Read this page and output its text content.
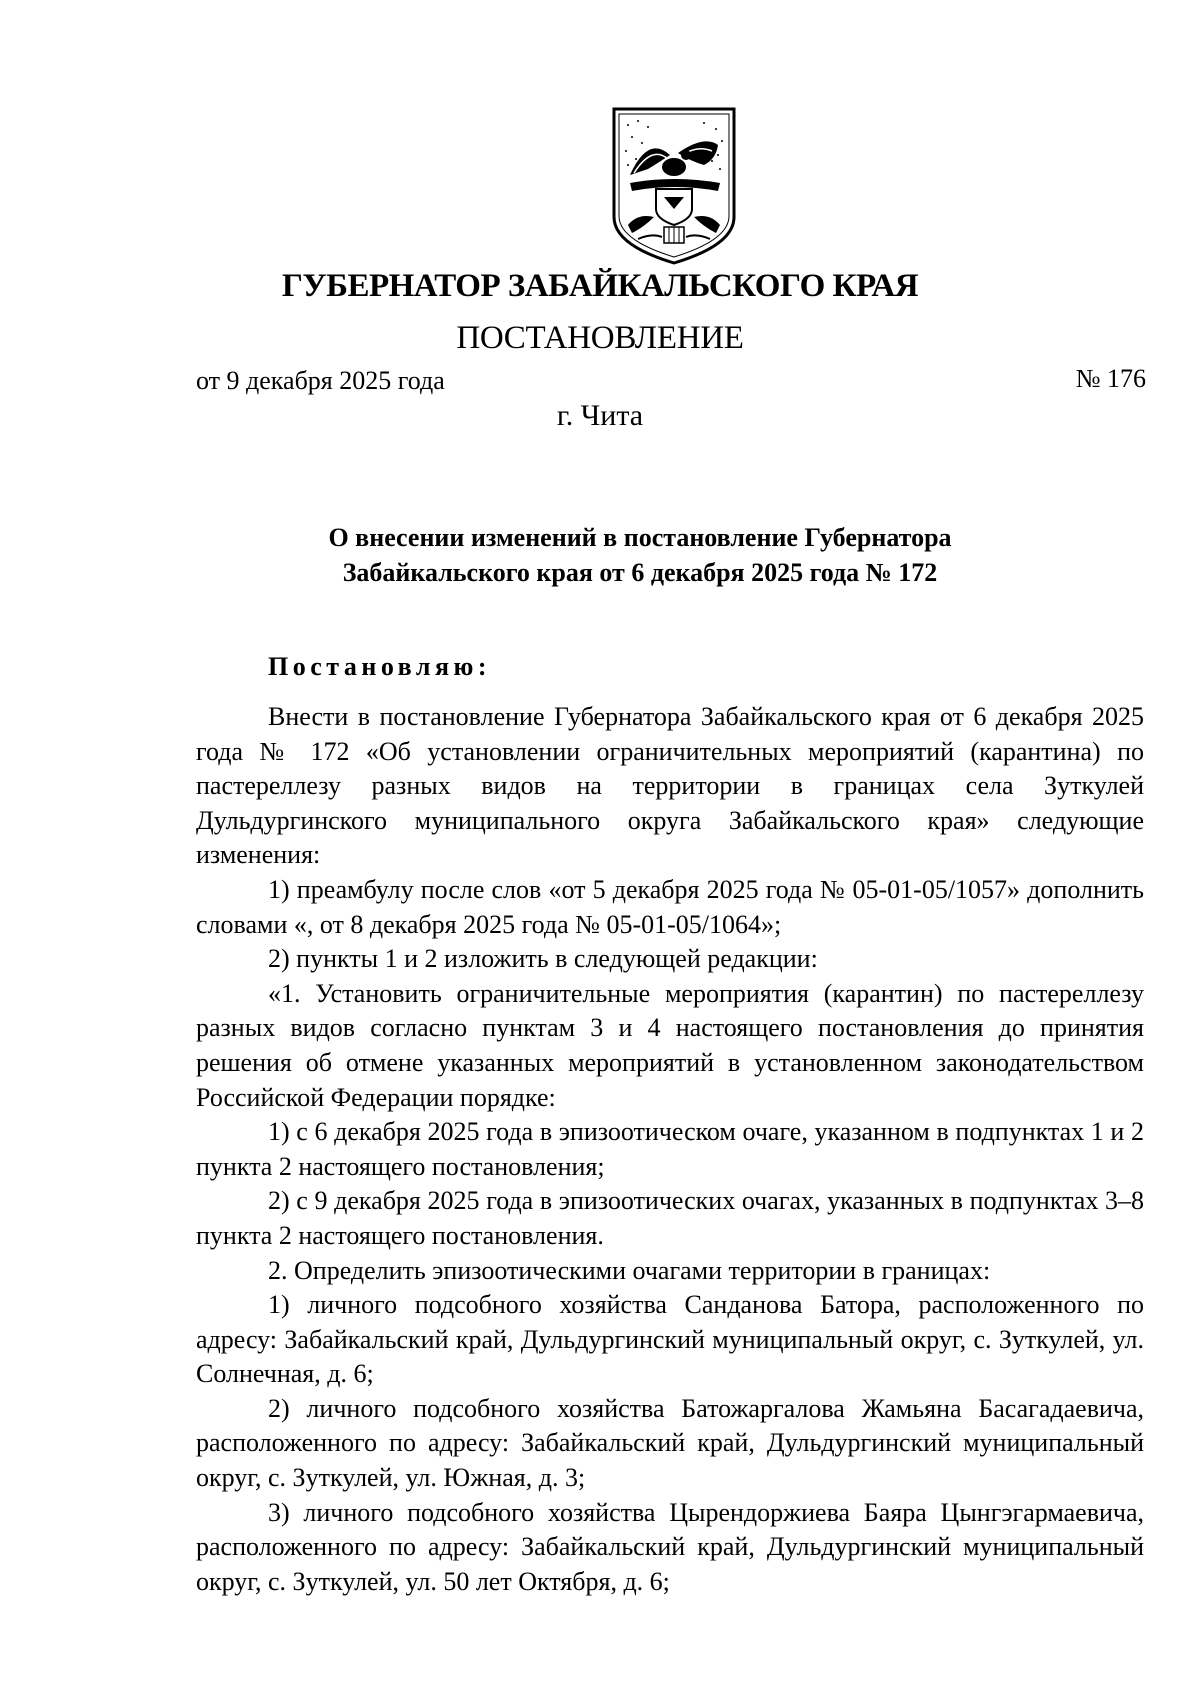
ГУБЕРНАТОР ЗАБАЙКАЛЬСКОГО КРАЯ
ПОСТАНОВЛЕНИЕ
от 9 декабря 2025 года	№ 176
г. Чита
О внесении изменений в постановление Губернатора
Забайкальского края от 6 декабря 2025 года № 172
Постановляю:

Внести в постановление Губернатора Забайкальского края от 6 декабря 2025 года № 172 «Об установлении ограничительных мероприятий (карантина) по пастереллезу разных видов на территории в границах села Зуткулей Дульдургинского муниципального округа Забайкальского края» следующие изменения:

1) преамбулу после слов «от 5 декабря 2025 года № 05-01-05/1057» дополнить словами «, от 8 декабря 2025 года № 05-01-05/1064»;

2) пункты 1 и 2 изложить в следующей редакции:

«1. Установить ограничительные мероприятия (карантин) по пастереллезу разных видов согласно пунктам 3 и 4 настоящего постановления до принятия решения об отмене указанных мероприятий в установленном законодательством Российской Федерации порядке:

1) с 6 декабря 2025 года в эпизоотическом очаге, указанном в подпунктах 1 и 2 пункта 2 настоящего постановления;

2) с 9 декабря 2025 года в эпизоотических очагах, указанных в подпунктах 3–8 пункта 2 настоящего постановления.

2. Определить эпизоотическими очагами территории в границах:

1) личного подсобного хозяйства Санданова Батора, расположенного по адресу: Забайкальский край, Дульдургинский муниципальный округ, с. Зуткулей, ул. Солнечная, д. 6;

2) личного подсобного хозяйства Батожаргалова Жамьяна Басагадаевича, расположенного по адресу: Забайкальский край, Дульдургинский муниципальный округ, с. Зуткулей, ул. Южная, д. 3;

3) личного подсобного хозяйства Цырендоржиева Баяра Цынгэгармаевича, расположенного по адресу: Забайкальский край, Дульдургинский муниципальный округ, с. Зуткулей, ул. 50 лет Октября, д. 6;
